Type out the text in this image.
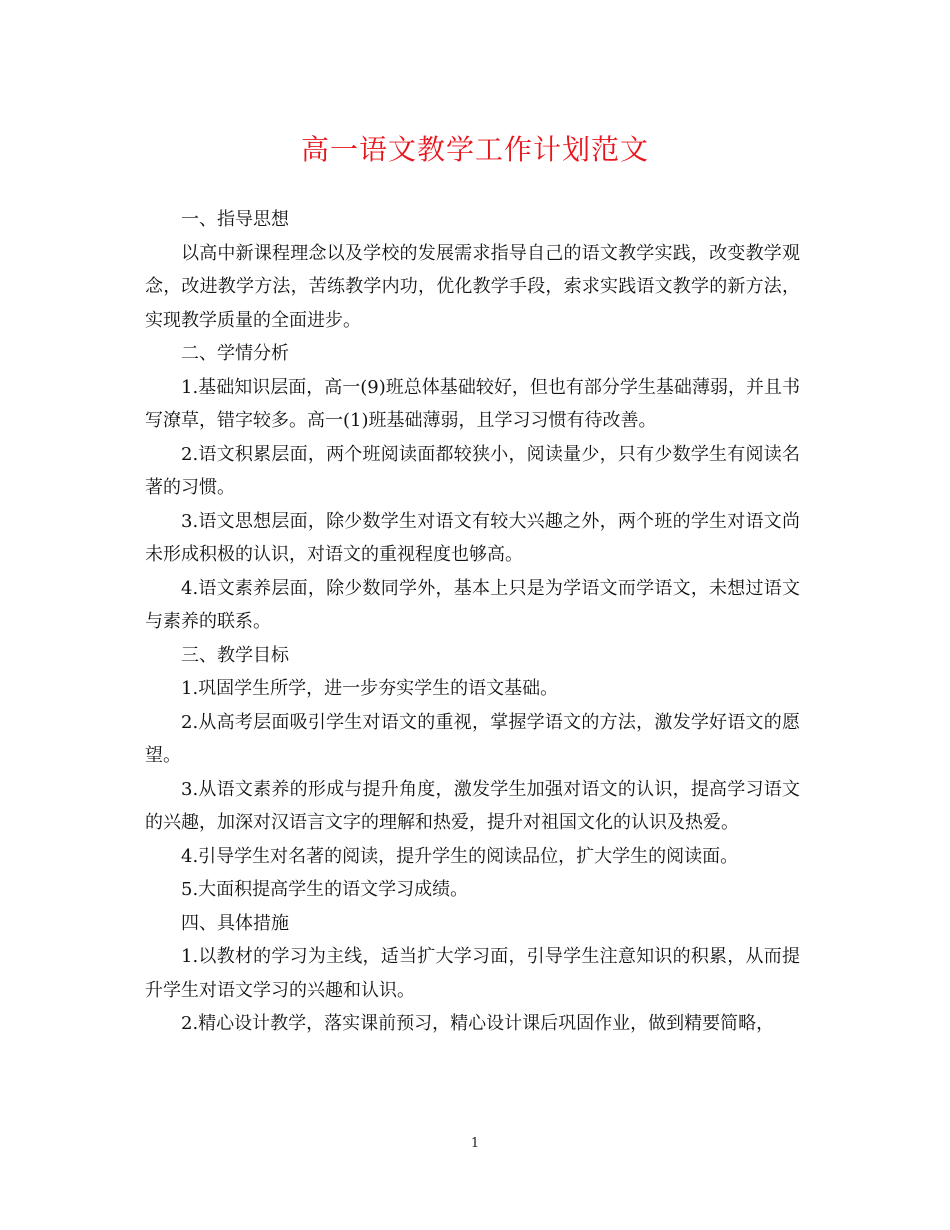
高一语文教学工作计划范文

一、指导思想

以高中新课程理念以及学校的发展需求指导自己的语文教学实践，改变教学观念，改进教学方法，苦练教学内功，优化教学手段，索求实践语文教学的新方法，实现教学质量的全面进步。

二、学情分析

1.基础知识层面，高一(9)班总体基础较好，但也有部分学生基础薄弱，并且书写潦草，错字较多。高一(1)班基础薄弱，且学习习惯有待改善。

2.语文积累层面，两个班阅读面都较狭小，阅读量少，只有少数学生有阅读名著的习惯。

3.语文思想层面，除少数学生对语文有较大兴趣之外，两个班的学生对语文尚未形成积极的认识，对语文的重视程度也够高。

4.语文素养层面，除少数同学外，基本上只是为学语文而学语文，未想过语文与素养的联系。

三、教学目标

1.巩固学生所学，进一步夯实学生的语文基础。

2.从高考层面吸引学生对语文的重视，掌握学语文的方法，激发学好语文的愿望。

3.从语文素养的形成与提升角度，激发学生加强对语文的认识，提高学习语文的兴趣，加深对汉语言文字的理解和热爱，提升对祖国文化的认识及热爱。

4.引导学生对名著的阅读，提升学生的阅读品位，扩大学生的阅读面。

5.大面积提高学生的语文学习成绩。

四、具体措施

1.以教材的学习为主线，适当扩大学习面，引导学生注意知识的积累，从而提升学生对语文学习的兴趣和认识。

2.精心设计教学，落实课前预习，精心设计课后巩固作业，做到精要简略，

1
